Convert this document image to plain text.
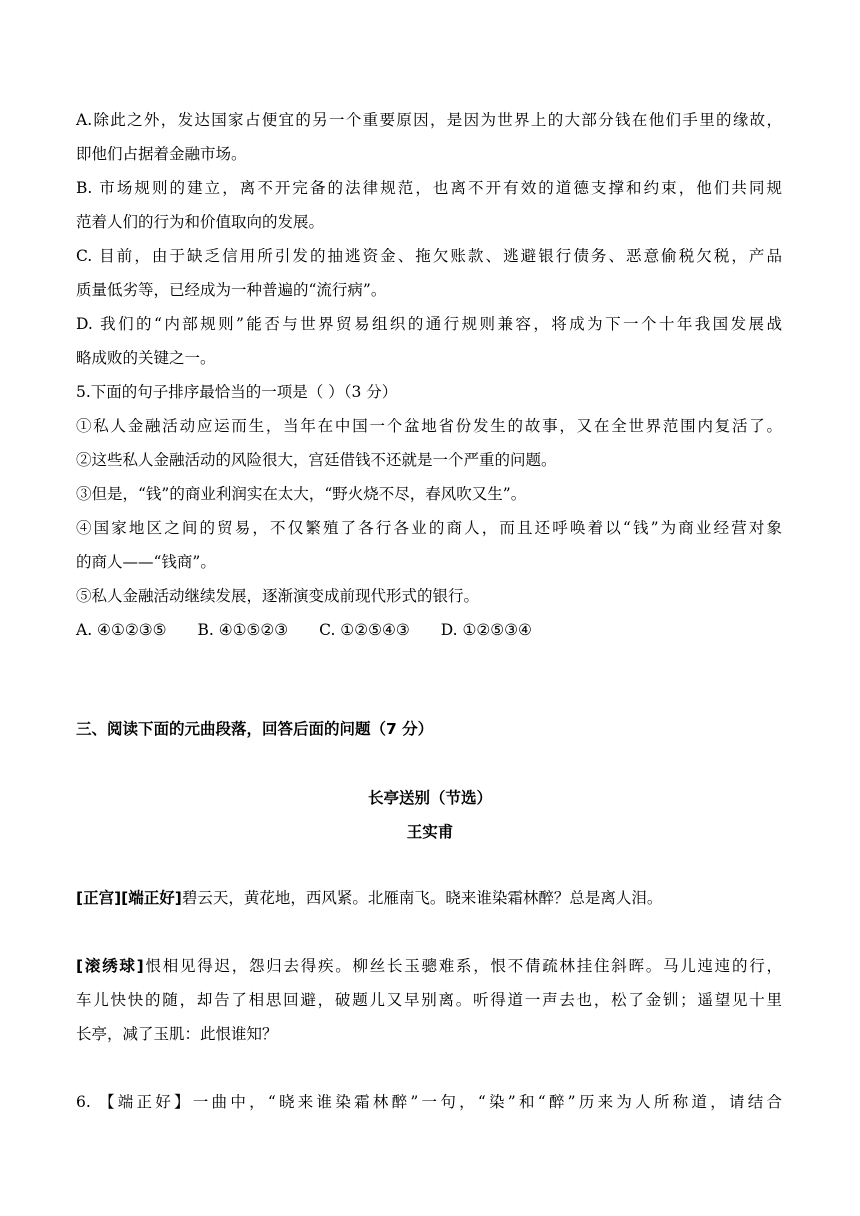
A.除此之外，发达国家占便宜的另一个重要原因，是因为世界上的大部分钱在他们手里的缘故，
即他们占据着金融市场。
B. 市场规则的建立，离不开完备的法律规范，也离不开有效的道德支撑和约束，他们共同规
范着人们的行为和价值取向的发展。
C. 目前，由于缺乏信用所引发的抽逃资金、拖欠账款、逃避银行债务、恶意偷税欠税，产品
质量低劣等，已经成为一种普遍的“流行病”。
D. 我们的“内部规则”能否与世界贸易组织的通行规则兼容，将成为下一个十年我国发展战
略成败的关键之一。
5.下面的句子排序最恰当的一项是（ ）（3 分）
①私人金融活动应运而生，当年在中国一个盆地省份发生的故事，又在全世界范围内复活了。
②这些私人金融活动的风险很大，宫廷借钱不还就是一个严重的问题。
③但是，“钱”的商业利润实在太大，“野火烧不尽，春风吹又生”。
④国家地区之间的贸易，不仅繁殖了各行各业的商人，而且还呼唤着以“钱”为商业经营对象
的商人——“钱商”。
⑤私人金融活动继续发展，逐渐演变成前现代形式的银行。
A. ④①②③⑤ B. ④①⑤②③ C. ①②⑤④③ D. ①②⑤③④
三、阅读下面的元曲段落，回答后面的问题（7 分）
长亭送别（节选）
王实甫
[正宫][端正好]碧云天，黄花地，西风紧。北雁南飞。晓来谁染霜林醉？总是离人泪。
[滚绣球]恨相见得迟，怨归去得疾。柳丝长玉骢难系，恨不倩疏林挂住斜晖。马儿迍迍的行，
车儿快快的随，却告了相思回避，破题儿又早别离。听得道一声去也，松了金钏；遥望见十里
长亭，减了玉肌：此恨谁知？
6. 【端正好】一曲中，“晓来谁染霜林醉”一句，“染”和“醉”历来为人所称道，请结合
